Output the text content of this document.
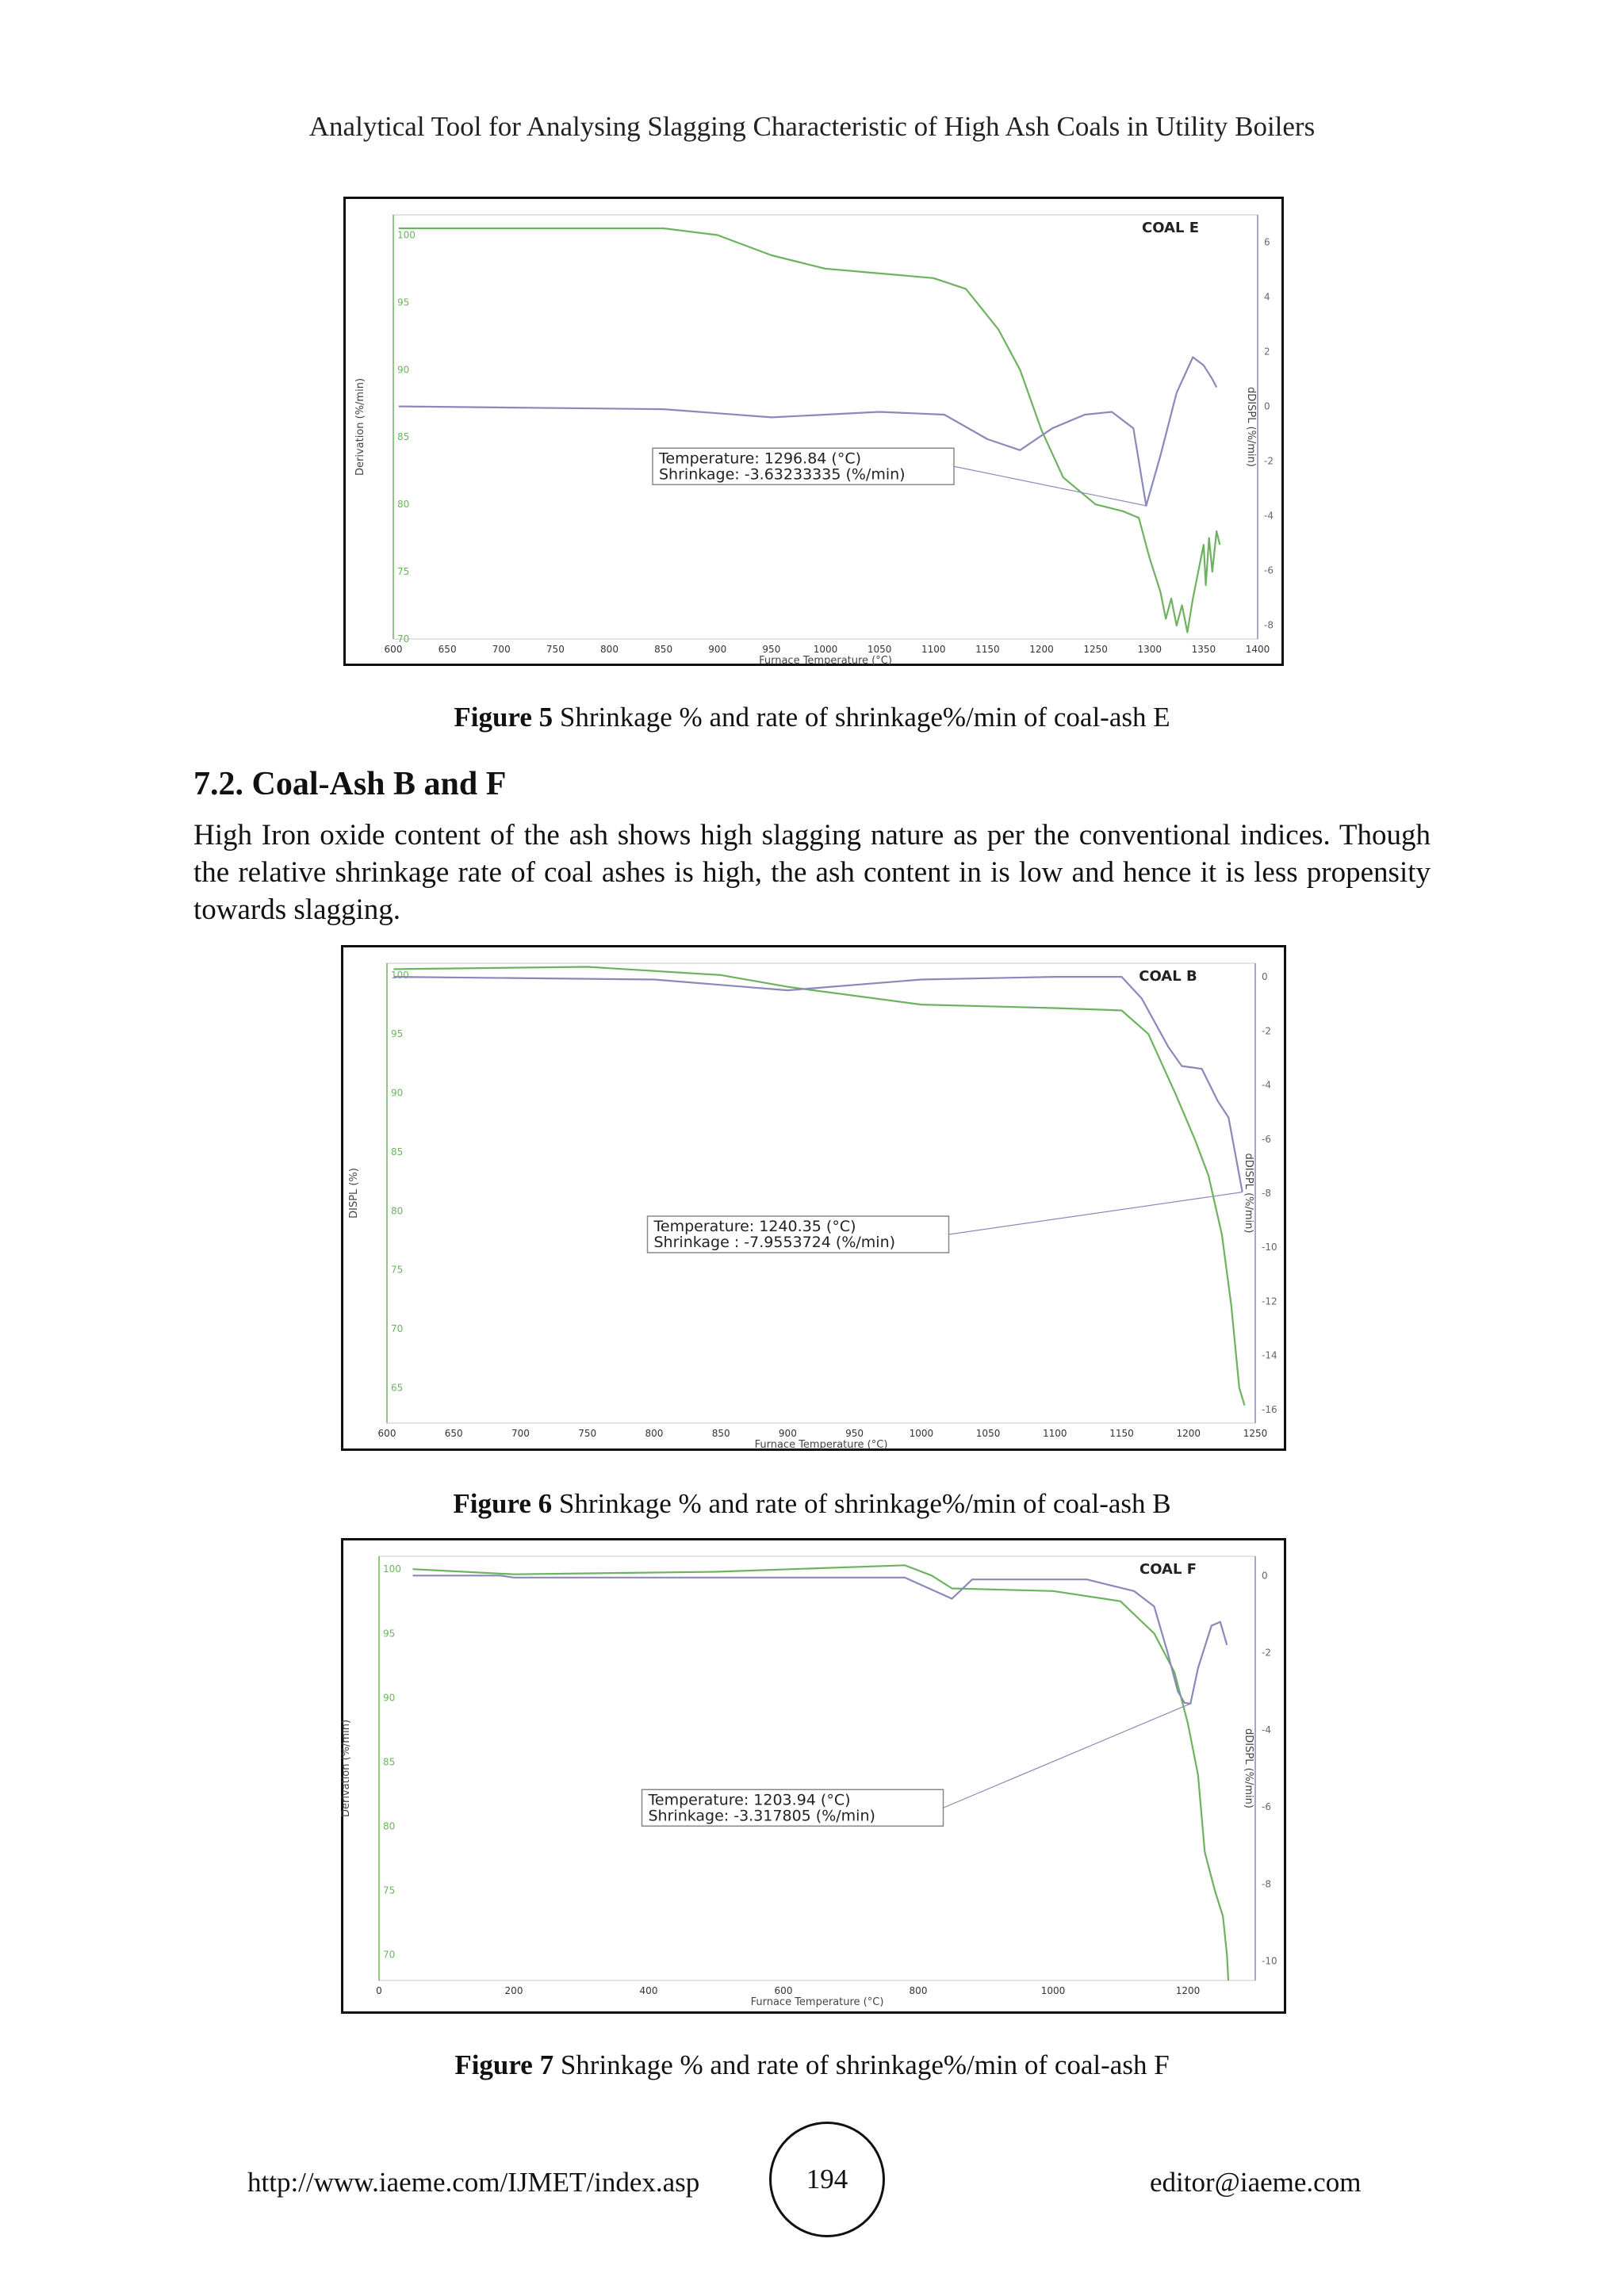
Analytical Tool for Analysing Slagging Characteristic of High Ash Coals in Utility Boilers
600	650	700	750	800	850	900	950	1000	1050	1100	1150	1200	1250	1300	1350	1400
70
75
80
85
90
95
100
-8
-6
-4
-2
0
2
4
6
Furnace Temperature (°C)
Derivation (%/min)	dDISPL (%/min)
COAL E
Temperature: 1296.84 (°C)
Shrinkage: -3.63233335 (%/min)
Figure 5 Shrinkage % and rate of shrinkage%/min of coal-ash E
7.2. Coal-Ash B and F

High Iron oxide content of the ash shows high slagging nature as per the conventional indices. Though the relative shrinkage rate of coal ashes is high, the ash content in is low and hence it is less propensity towards slagging.

600	650	700	750	800	850	900	950	1000	1050	1100	1150	1200	1250
65
70
75
80
85
90
95
100
-16
-14
-12
-10
-8
-6
-4
-2
0
Furnace Temperature (°C)
DISPL (%)	dDISPL (%/min)
COAL B
Temperature: 1240.35 (°C)
Shrinkage : -7.9553724 (%/min)
Figure 6 Shrinkage % and rate of shrinkage%/min of coal-ash B
0	200	400	600	800	1000	1200
70
75
80
85
90
95
100
-10
-8
-6
-4
-2
0
Furnace Temperature (°C)
Derivation (%/min)	dDISPL (%/min)
COAL F
Temperature: 1203.94 (°C)
Shrinkage: -3.317805 (%/min)
Figure 7 Shrinkage % and rate of shrinkage%/min of coal-ash F
http://www.iaeme.com/IJMET/index.asp	194	editor@iaeme.com
